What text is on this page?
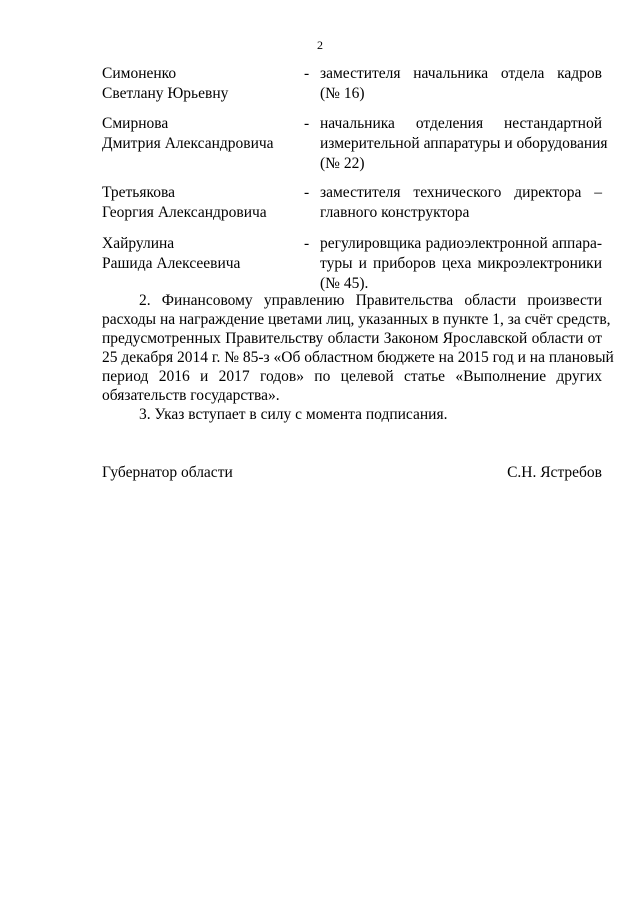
2
Симоненко
Светлану Юрьевну
- заместителя начальника отдела кадров
(№ 16)
Смирнова
Дмитрия Александровича
- начальника отделения нестандартной
измерительной аппаратуры и оборудования
(№ 22)
Третьякова
Георгия Александровича
- заместителя технического директора –
главного конструктора
Хайрулина
Рашида Алексеевича
- регулировщика радиоэлектронной аппара-
туры и приборов цеха микроэлектроники
(№ 45).
2. Финансовому управлению Правительства области произвести
расходы на награждение цветами лиц, указанных в пункте 1, за счёт средств,
предусмотренных Правительству области Законом Ярославской области от
25 декабря 2014 г. № 85-з «Об областном бюджете на 2015 год и на плановый
период 2016 и 2017 годов» по целевой статье «Выполнение других
обязательств государства».
3. Указ вступает в силу с момента подписания.
Губернатор области	С.Н. Ястребов
